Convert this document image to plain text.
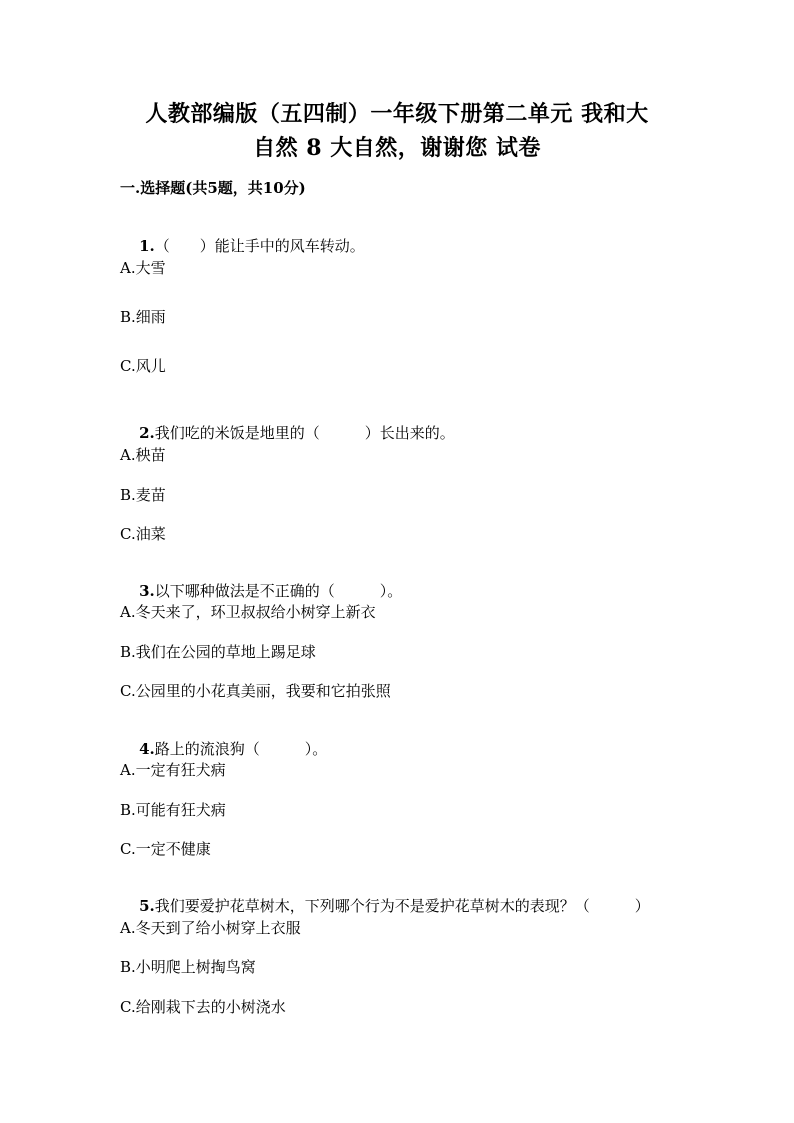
人教部编版（五四制）一年级下册第二单元 我和大
自然 8 大自然，谢谢您 试卷
一.选择题(共5题，共10分)

1.（　　）能让手中的风车转动。

A.大雪
B.细雨
C.风儿

2.我们吃的米饭是地里的（　　　）长出来的。

A.秧苗
B.麦苗
C.油菜

3.以下哪种做法是不正确的（　　　）。

A.冬天来了，环卫叔叔给小树穿上新衣
B.我们在公园的草地上踢足球
C.公园里的小花真美丽，我要和它拍张照

4.路上的流浪狗（　　　）。

A.一定有狂犬病
B.可能有狂犬病
C.一定不健康

5.我们要爱护花草树木，下列哪个行为不是爱护花草树木的表现？（　　　）

A.冬天到了给小树穿上衣服
B.小明爬上树掏鸟窝
C.给刚栽下去的小树浇水
